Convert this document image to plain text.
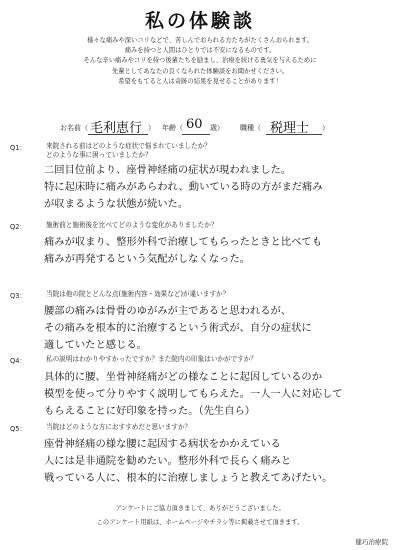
私の体験談
様々な痛みや深いコリなどで、苦しんでおられる方たちがたくさんおられます。
痛みを持つと人間はひとりでは不安になるものです。
そんな辛い痛みやコリを持つ後輩たちを励まし、治療を続ける勇気を与えるために
先輩としてあなたの良くなられた体験談をお聞かせください。
希望をもてると人は奇跡の結果を見せることがあります！
お名前（ 毛利恵行 ） 年齢（ 60 歳） 職種（ 税理士 ）
Q1：	来院される前はどのような症状で悩まれていましたか？
どのような事に困っていましたか？
二回目位前より、座骨神経痛の症状が現われました。
特に起床時に痛みがあらわれ、動いている時の方がまだ痛み
が収まるような状態が続いた。
Q2：	施術前と施術後を比べてどのような変化がありましたか？
痛みが収まり、整形外科で治療してもらったときと比べても
痛みが再発するという気配がしなくなった。
Q3：	当院は他の院とどんな点(施術内容・効果など)が違いますか？
腰部の痛みは骨骨のゆがみが主であると思われるが、
その痛みを根本的に治療するという術式が、自分の症状に
適していたと感じる。
Q4：	私の説明はわかりやすかったですか？また院内の印象はいかがですか？
具体的に腰、坐骨神経痛がどの様なことに起因しているのか
模型を使って分りやすく説明してもらえた。一人一人に対応して
もらえることに好印象を持った。（先生自ら）
Q5：	当院はどのような方におすすめだと思いますか？
座骨神経痛の様な腰に起因する病状をかかえている
人には是非通院を勧めたい。整形外科で長らく痛みと
戦っている人に、根本的に治療しましょうと教えてあげたい。
アンケートにご協力頂きまして、ありがとうございました。
このアンケート用紙は、ホームページやチラシ等に掲載させて頂きます。
健巧治療院
